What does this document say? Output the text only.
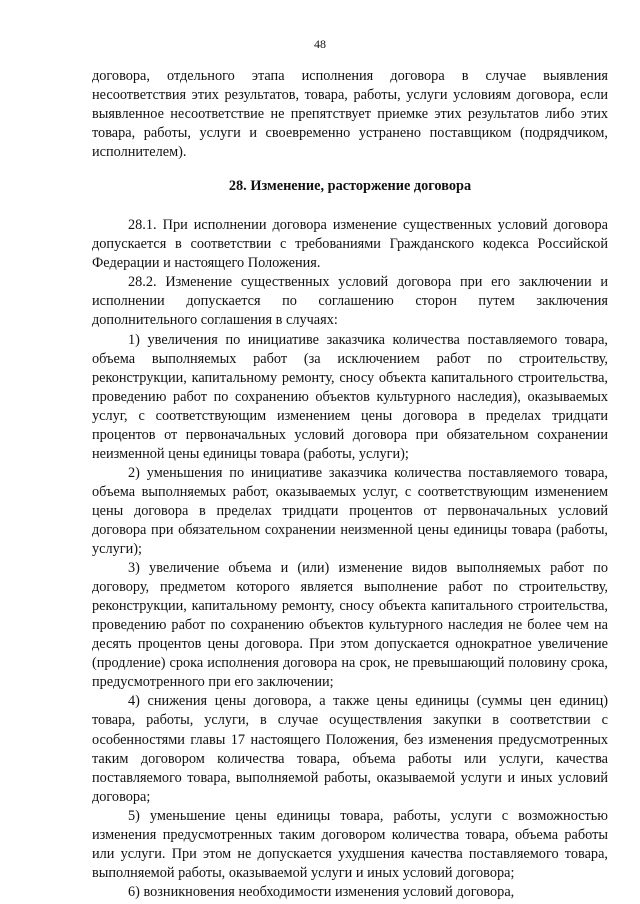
48

договора, отдельного этапа исполнения договора в случае выявления несоответствия этих результатов, товара, работы, услуги условиям договора, если выявленное несоответствие не препятствует приемке этих результатов либо этих товара, работы, услуги и своевременно устранено поставщиком (подрядчиком, исполнителем).

28. Изменение, расторжение договора

28.1. При исполнении договора изменение существенных условий договора допускается в соответствии с требованиями Гражданского кодекса Российской Федерации и настоящего Положения.

28.2. Изменение существенных условий договора при его заключении и исполнении допускается по соглашению сторон путем заключения дополнительного соглашения в случаях:

1) увеличения по инициативе заказчика количества поставляемого товара, объема выполняемых работ (за исключением работ по строительству, реконструкции, капитальному ремонту, сносу объекта капитального строительства, проведению работ по сохранению объектов культурного наследия), оказываемых услуг, с соответствующим изменением цены договора в пределах тридцати процентов от первоначальных условий договора при обязательном сохранении неизменной цены единицы товара (работы, услуги);

2) уменьшения по инициативе заказчика количества поставляемого товара, объема выполняемых работ, оказываемых услуг, с соответствующим изменением цены договора в пределах тридцати процентов от первоначальных условий договора при обязательном сохранении неизменной цены единицы товара (работы, услуги);

3) увеличение объема и (или) изменение видов выполняемых работ по договору, предметом которого является выполнение работ по строительству, реконструкции, капитальному ремонту, сносу объекта капитального строительства, проведению работ по сохранению объектов культурного наследия не более чем на десять процентов цены договора. При этом допускается однократное увеличение (продление) срока исполнения договора на срок, не превышающий половину срока, предусмотренного при его заключении;

4) снижения цены договора, а также цены единицы (суммы цен единиц) товара, работы, услуги, в случае осуществления закупки в соответствии с особенностями главы 17 настоящего Положения, без изменения предусмотренных таким договором количества товара, объема работы или услуги, качества поставляемого товара, выполняемой работы, оказываемой услуги и иных условий договора;

5) уменьшение цены единицы товара, работы, услуги с возможностью изменения предусмотренных таким договором количества товара, объема работы или услуги. При этом не допускается ухудшения качества поставляемого товара, выполняемой работы, оказываемой услуги и иных условий договора;

6) возникновения необходимости изменения условий договора,
